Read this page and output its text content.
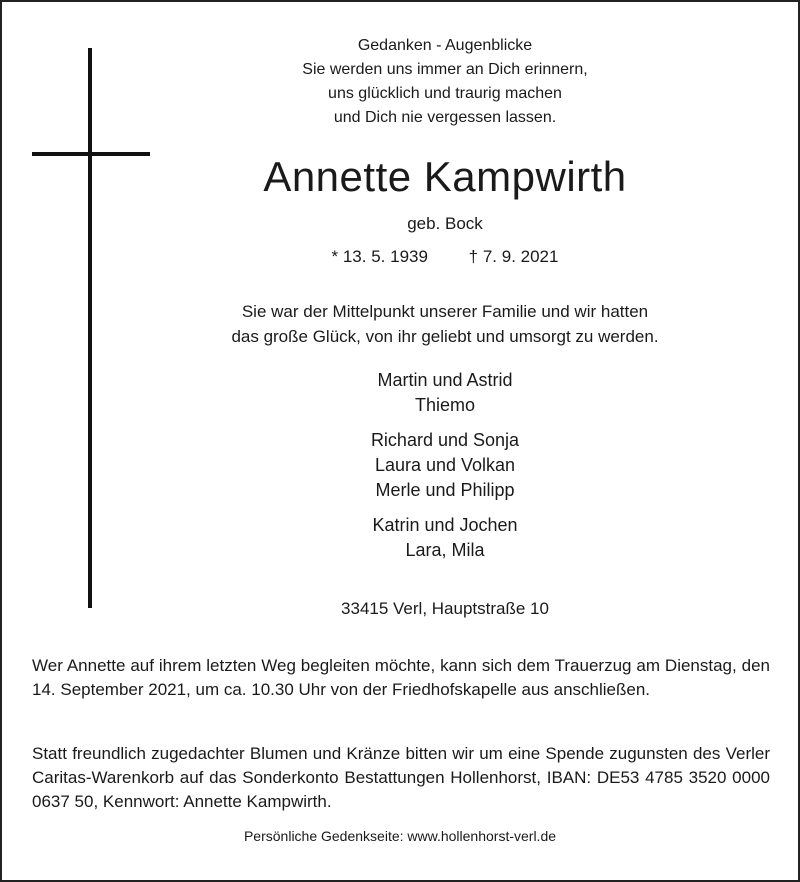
Gedanken - Augenblicke
Sie werden uns immer an Dich erinnern,
uns glücklich und traurig machen
und Dich nie vergessen lassen.
Annette Kampwirth
geb. Bock
* 13. 5. 1939 † 7. 9. 2021
Sie war der Mittelpunkt unserer Familie und wir hatten
das große Glück, von ihr geliebt und umsorgt zu werden.
Martin und Astrid
Thiemo
Richard und Sonja
Laura und Volkan
Merle und Philipp
Katrin und Jochen
Lara, Mila
33415 Verl, Hauptstraße 10
Wer Annette auf ihrem letzten Weg begleiten möchte, kann sich dem Trauerzug am Dienstag, den 14. September 2021, um ca. 10.30 Uhr von der Friedhofskapelle aus anschließen.
Statt freundlich zugedachter Blumen und Kränze bitten wir um eine Spende zugunsten des Verler Caritas-Warenkorb auf das Sonderkonto Bestattungen Hollenhorst, IBAN: DE53 4785 3520 0000 0637 50, Kennwort: Annette Kampwirth.
Persönliche Gedenkseite: www.hollenhorst-verl.de
